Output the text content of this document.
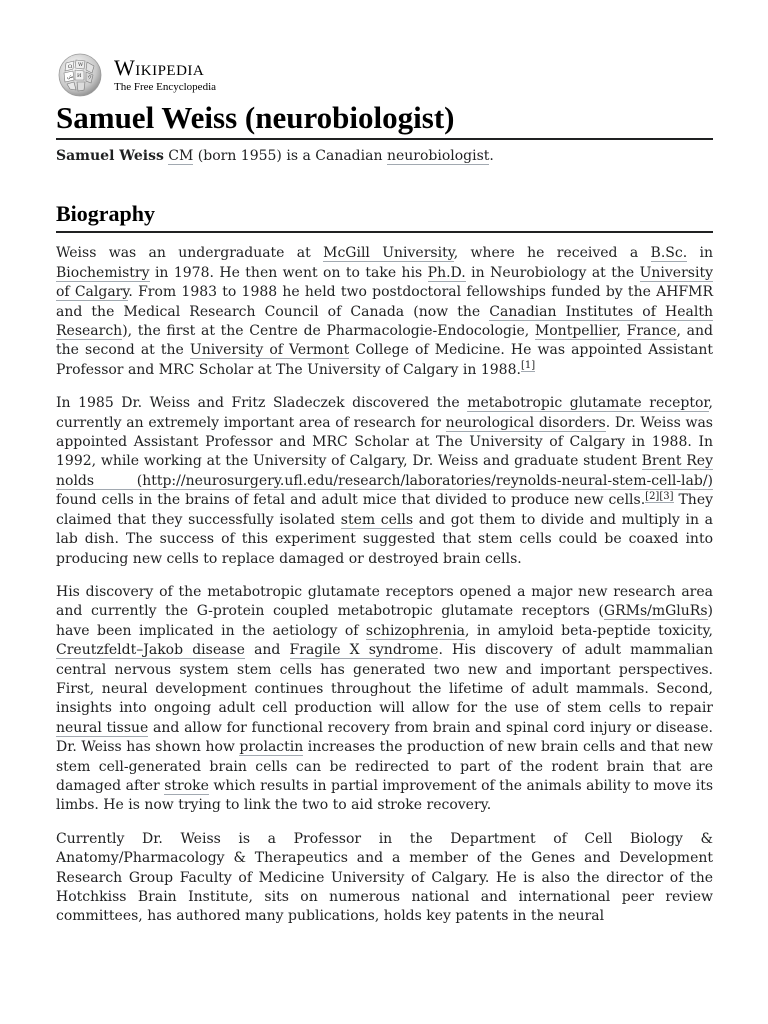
Ω W
И ウ
ش Wikipedia
The Free Encyclopedia
Samuel Weiss (neurobiologist)

Samuel Weiss CM (born 1955) is a Canadian neurobiologist.

Biography

Weiss was an undergraduate at McGill University, where he received a B.Sc. in Biochemistry in 1978. He then went on to take his Ph.D. in Neurobiology at the University of Calgary. From 1983 to 1988 he held two postdoctoral fellowships funded by the AHFMR and the Medical Research Council of Canada (now the Canadian Institutes of Health Research), the first at the Centre de Pharmacologie-Endocologie, Montpellier, France, and the second at the University of Vermont College of Medicine. He was appointed Assistant Professor and MRC Scholar at The University of Calgary in 1988.[1]

In 1985 Dr. Weiss and Fritz Sladeczek discovered the metabotropic glutamate receptor, currently an extremely important area of research for neurological disorders. Dr. Weiss was appointed Assistant Professor and MRC Scholar at The University of Calgary in 1988. In 1992, while working at the University of Calgary, Dr. Weiss and graduate student Brent Reynolds (http://neurosurgery.ufl.edu/research/laboratories/reynolds-neural-stem-cell-lab/) found cells in the brains of fetal and adult mice that divided to produce new cells.[2][3] They claimed that they successfully isolated stem cells and got them to divide and multiply in a lab dish. The success of this experiment suggested that stem cells could be coaxed into producing new cells to replace damaged or destroyed brain cells.

His discovery of the metabotropic glutamate receptors opened a major new research area and currently the G-protein coupled metabotropic glutamate receptors (GRMs/mGluRs) have been implicated in the aetiology of schizophrenia, in amyloid beta-peptide toxicity, Creutzfeldt–Jakob disease and Fragile X syndrome. His discovery of adult mammalian central nervous system stem cells has generated two new and important perspectives. First, neural development continues throughout the lifetime of adult mammals. Second, insights into ongoing adult cell production will allow for the use of stem cells to repair neural tissue and allow for functional recovery from brain and spinal cord injury or disease. Dr. Weiss has shown how prolactin increases the production of new brain cells and that new stem cell-generated brain cells can be redirected to part of the rodent brain that are damaged after stroke which results in partial improvement of the animals ability to move its limbs. He is now trying to link the two to aid stroke recovery.

Currently Dr. Weiss is a Professor in the Department of Cell Biology & Anatomy/Pharmacology & Therapeutics and a member of the Genes and Development Research Group Faculty of Medicine University of Calgary. He is also the director of the Hotchkiss Brain Institute, sits on numerous national and international peer review committees, has authored many publications, holds key patents in the neural
